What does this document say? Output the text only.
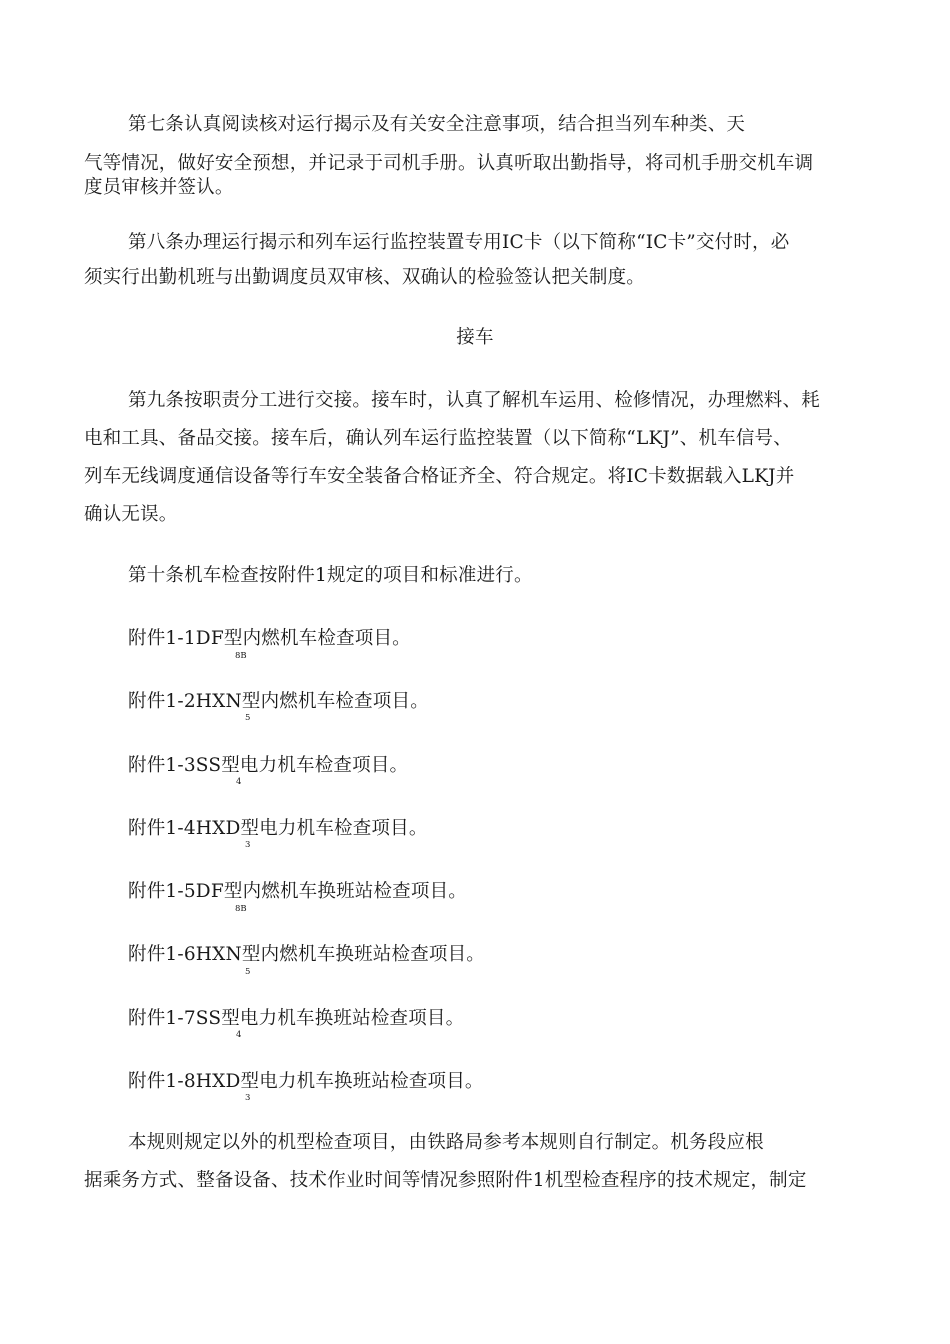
第七条认真阅读核对运行揭示及有关安全注意事项，结合担当列车种类、天
气等情况，做好安全预想，并记录于司机手册。认真听取出勤指导，将司机手册交机车调
度员审核并签认。
第八条办理运行揭示和列车运行监控装置专用IC卡（以下简称“IC卡”交付时，必
须实行出勤机班与出勤调度员双审核、双确认的检验签认把关制度。
接车
第九条按职责分工进行交接。接车时，认真了解机车运用、检修情况，办理燃料、耗
电和工具、备品交接。接车后，确认列车运行监控装置（以下简称“LKJ”、机车信号、
列车无线调度通信设备等行车安全装备合格证齐全、符合规定。将IC卡数据载入LKJ并
确认无误。
第十条机车检查按附件1规定的项目和标准进行。
附件1-1DF型内燃机车检查项目。
8B
附件1-2HXN型内燃机车检查项目。
5
附件1-3SS型电力机车检查项目。
4
附件1-4HXD型电力机车检查项目。
3
附件1-5DF型内燃机车换班站检查项目。
8B
附件1-6HXN型内燃机车换班站检查项目。
5
附件1-7SS型电力机车换班站检查项目。
4
附件1-8HXD型电力机车换班站检查项目。
3
本规则规定以外的机型检查项目，由铁路局参考本规则自行制定。机务段应根
据乘务方式、整备设备、技术作业时间等情况参照附件1机型检查程序的技术规定，制定
